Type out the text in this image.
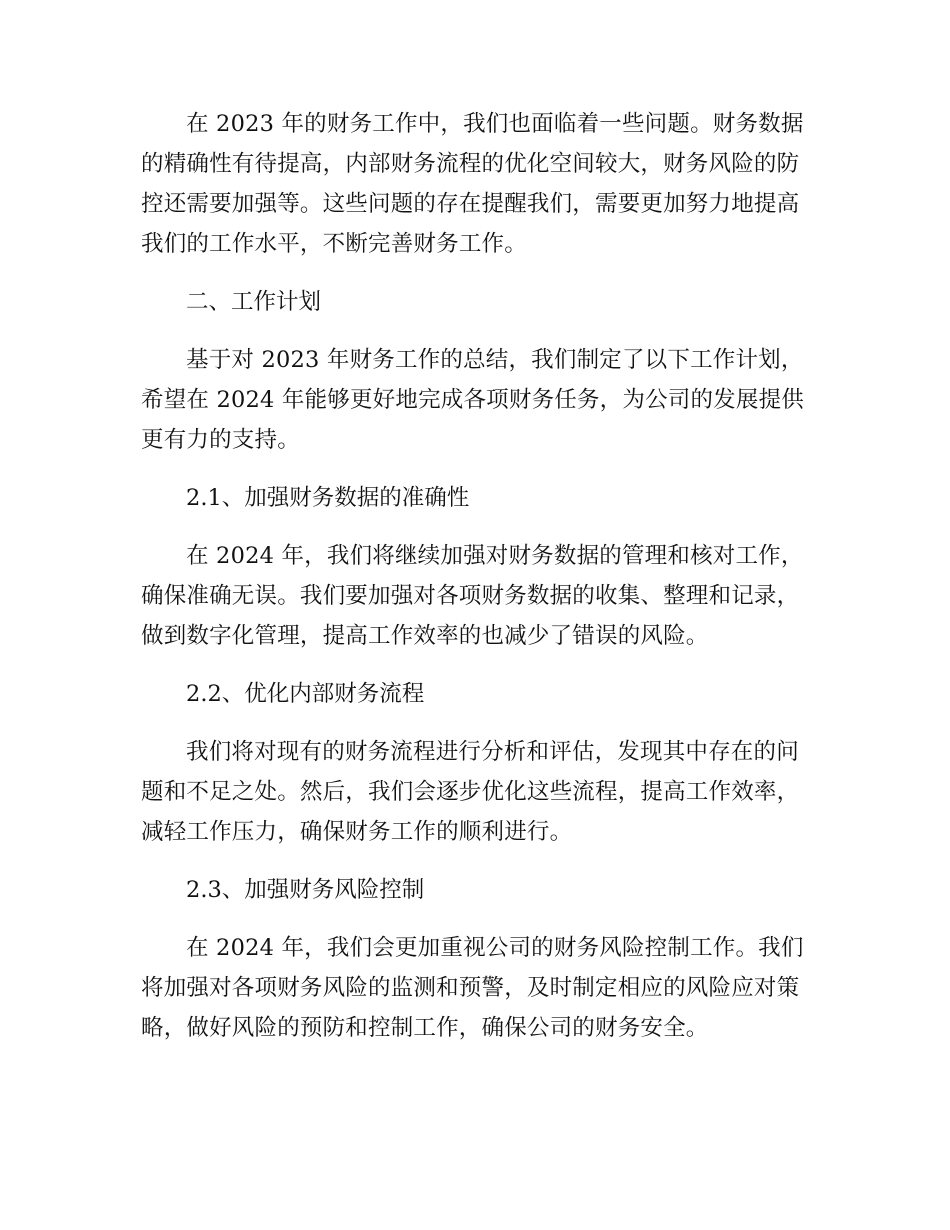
在 2023 年的财务工作中，我们也面临着一些问题。财务数据的精确性有待提高，内部财务流程的优化空间较大，财务风险的防控还需要加强等。这些问题的存在提醒我们，需要更加努力地提高我们的工作水平，不断完善财务工作。

二、工作计划

基于对 2023 年财务工作的总结，我们制定了以下工作计划，希望在 2024 年能够更好地完成各项财务任务，为公司的发展提供更有力的支持。

2.1、加强财务数据的准确性

在 2024 年，我们将继续加强对财务数据的管理和核对工作，确保准确无误。我们要加强对各项财务数据的收集、整理和记录，做到数字化管理，提高工作效率的也减少了错误的风险。

2.2、优化内部财务流程

我们将对现有的财务流程进行分析和评估，发现其中存在的问题和不足之处。然后，我们会逐步优化这些流程，提高工作效率，减轻工作压力，确保财务工作的顺利进行。

2.3、加强财务风险控制

在 2024 年，我们会更加重视公司的财务风险控制工作。我们将加强对各项财务风险的监测和预警，及时制定相应的风险应对策略，做好风险的预防和控制工作，确保公司的财务安全。
